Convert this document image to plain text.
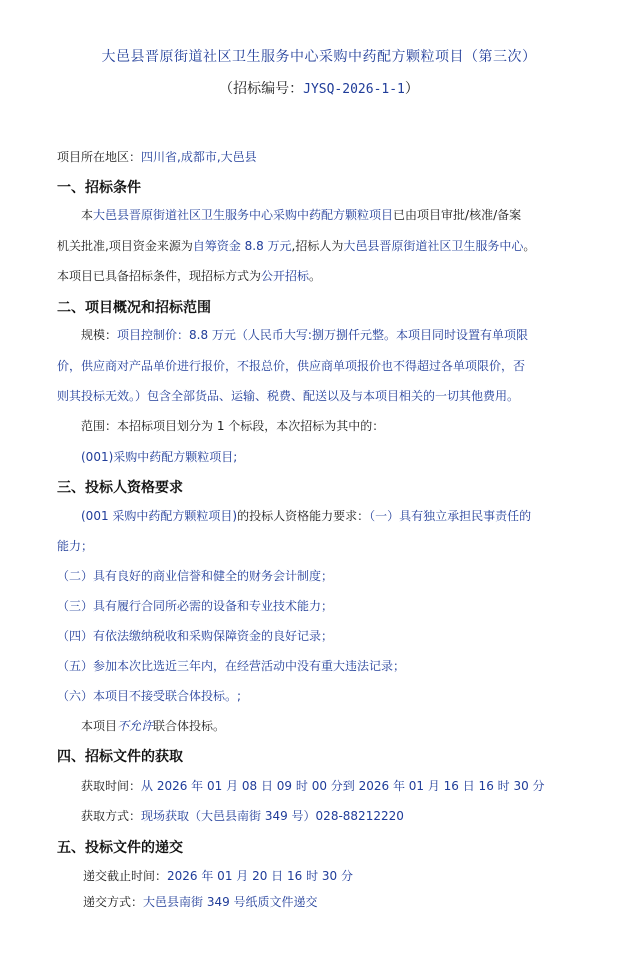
大邑县晋原街道社区卫生服务中心采购中药配方颗粒项目（第三次）
（招标编号：JYSQ-2026-1-1）
项目所在地区：四川省,成都市,大邑县
一、招标条件
本大邑县晋原街道社区卫生服务中心采购中药配方颗粒项目已由项目审批/核准/备案
机关批准,项目资金来源为自筹资金 8.8 万元,招标人为大邑县晋原街道社区卫生服务中心。
本项目已具备招标条件，现招标方式为公开招标。
二、项目概况和招标范围
规模：项目控制价：8.8 万元（人民币大写:捌万捌仟元整。本项目同时设置有单项限
价，供应商对产品单价进行报价，不报总价，供应商单项报价也不得超过各单项限价，否
则其投标无效。）包含全部货品、运输、税费、配送以及与本项目相关的一切其他费用。
范围：本招标项目划分为 1 个标段，本次招标为其中的：
(001)采购中药配方颗粒项目;
三、投标人资格要求
(001 采购中药配方颗粒项目)的投标人资格能力要求：（一）具有独立承担民事责任的
能力；
（二）具有良好的商业信誉和健全的财务会计制度；
（三）具有履行合同所必需的设备和专业技术能力；
（四）有依法缴纳税收和采购保障资金的良好记录；
（五）参加本次比选近三年内，在经营活动中没有重大违法记录；
（六）本项目不接受联合体投标。;
本项目不允许联合体投标。
四、招标文件的获取
获取时间：从 2026 年 01 月 08 日 09 时 00 分到 2026 年 01 月 16 日 16 时 30 分
获取方式：现场获取（大邑县南街 349 号）028-88212220
五、投标文件的递交
递交截止时间：2026 年 01 月 20 日 16 时 30 分
递交方式：大邑县南街 349 号纸质文件递交
